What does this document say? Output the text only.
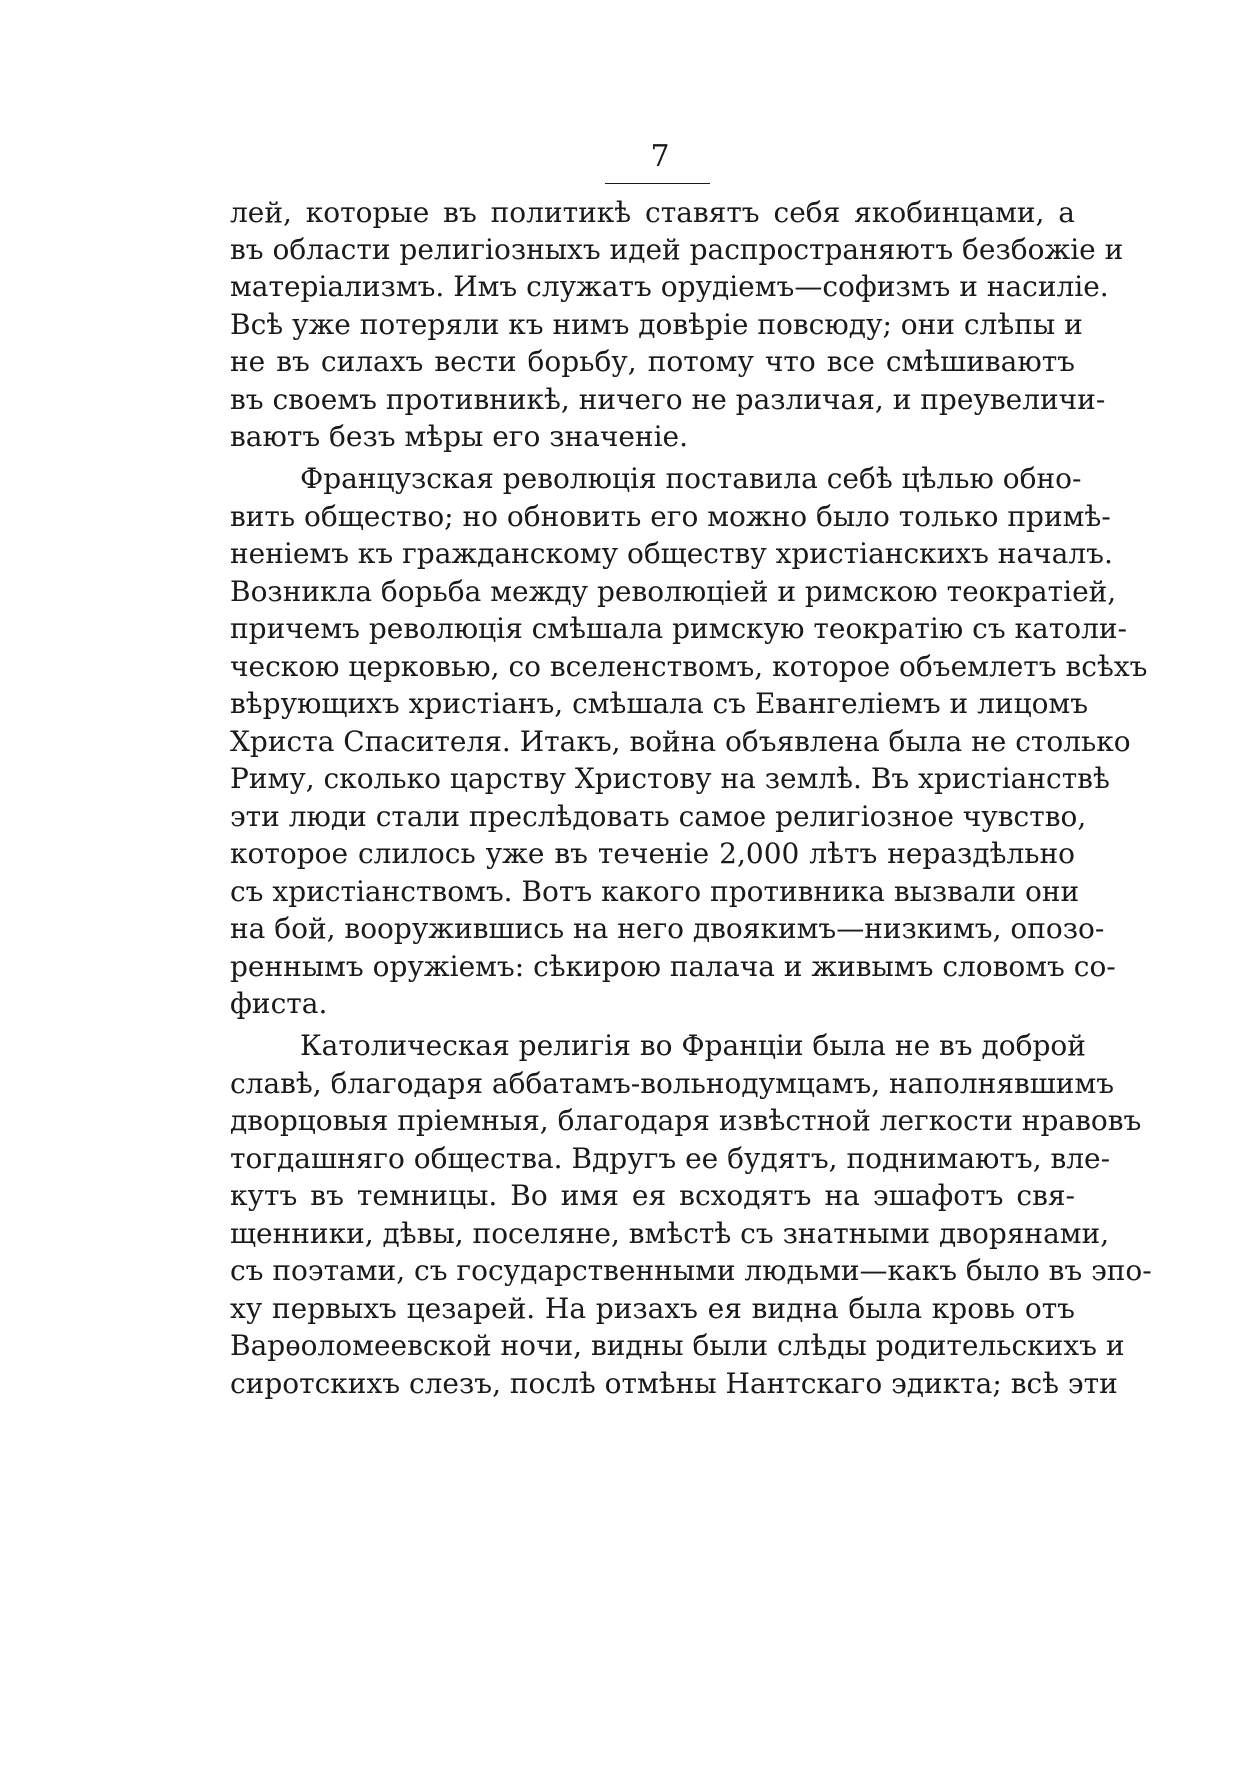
7
лей, которые въ политикѣ ставятъ себя якобинцами, а
въ области религіозныхъ идей распространяютъ безбожіе и
матеріализмъ. Имъ служатъ орудіемъ—софизмъ и насиліе.
Всѣ уже потеряли къ нимъ довѣріе повсюду; они слѣпы и
не въ силахъ вести борьбу, потому что все смѣшиваютъ
въ своемъ противникѣ, ничего не различая, и преувеличи-
ваютъ безъ мѣры его значеніе.
Французская революція поставила себѣ цѣлью обно-
вить общество; но обновить его можно было только примѣ-
неніемъ къ гражданскому обществу христіанскихъ началъ.
Возникла борьба между революціей и римскою теократіей,
причемъ революція смѣшала римскую теократію съ католи-
ческою церковью, со вселенствомъ, которое объемлетъ всѣхъ
вѣрующихъ христіанъ, смѣшала съ Евангеліемъ и лицомъ
Христа Спасителя. Итакъ, война объявлена была не столько
Риму, сколько царству Христову на землѣ. Въ христіанствѣ
эти люди стали преслѣдовать самое религіозное чувство,
которое слилось уже въ теченіе 2,000 лѣтъ нераздѣльно
съ христіанствомъ. Вотъ какого противника вызвали они
на бой, вооружившись на него двоякимъ—низкимъ, опозо-
реннымъ оружіемъ: сѣкирою палача и живымъ словомъ со-
фиста.
Католическая религія во Франціи была не въ доброй
славѣ, благодаря аббатамъ-вольнодумцамъ, наполнявшимъ
дворцовыя пріемныя, благодаря извѣстной легкости нравовъ
тогдашняго общества. Вдругъ ее будятъ, поднимаютъ, вле-
кутъ въ темницы. Во имя ея всходятъ на эшафотъ свя-
щенники, дѣвы, поселяне, вмѣстѣ съ знатными дворянами,
съ поэтами, съ государственными людьми—какъ было въ эпо-
ху первыхъ цезарей. На ризахъ ея видна была кровь отъ
Варѳоломеевской ночи, видны были слѣды родительскихъ и
сиротскихъ слезъ, послѣ отмѣны Нантскаго эдикта; всѣ эти
